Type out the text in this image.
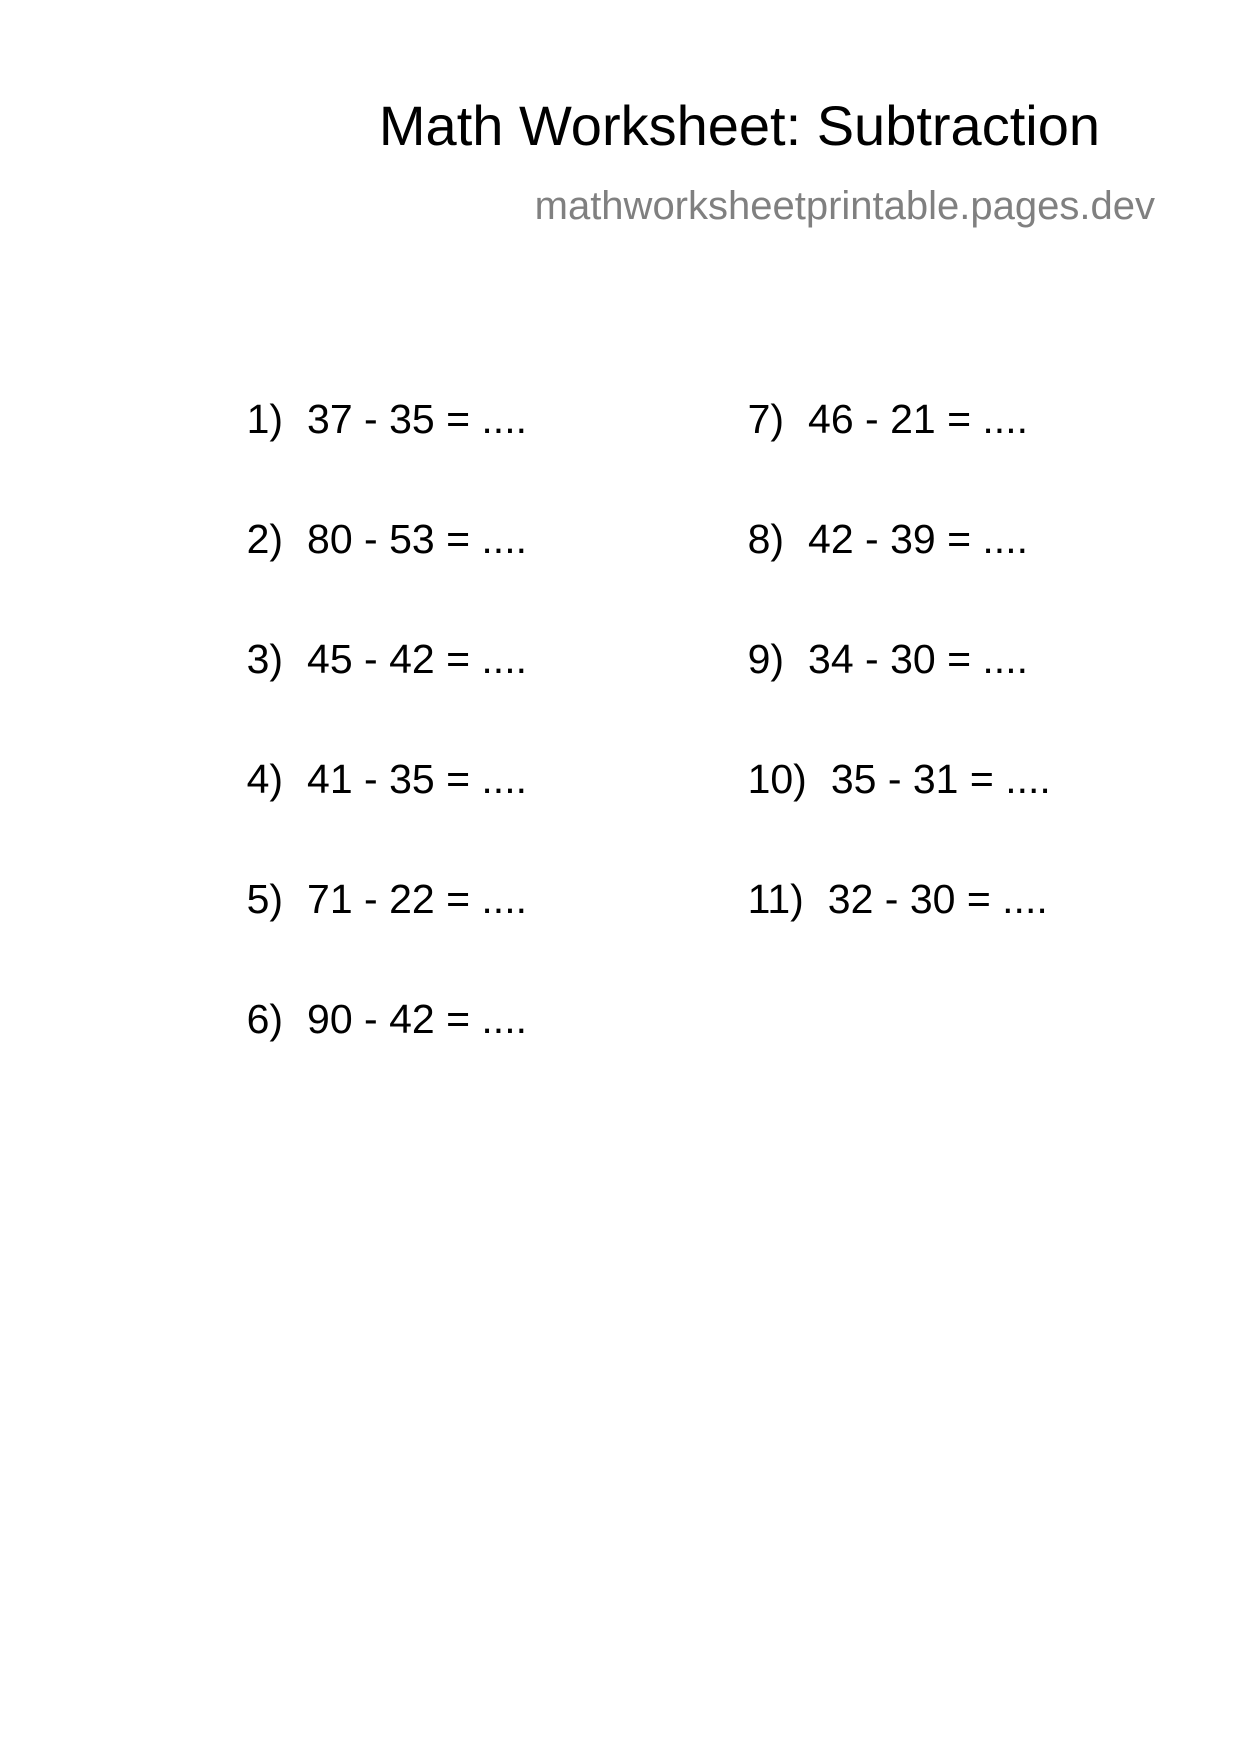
Math Worksheet: Subtraction
mathworksheetprintable.pages.dev

1) 37 - 35 = ....

2) 80 - 53 = ....

3) 45 - 42 = ....

4) 41 - 35 = ....

5) 71 - 22 = ....

6) 90 - 42 = ....

7) 46 - 21 = ....

8) 42 - 39 = ....

9) 34 - 30 = ....

10) 35 - 31 = ....

11) 32 - 30 = ....
